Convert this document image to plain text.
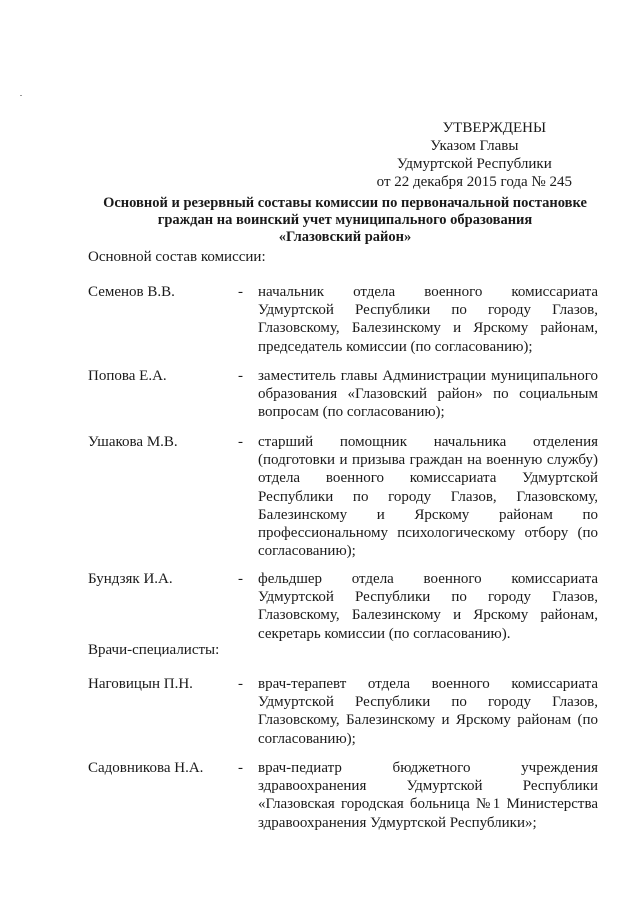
УТВЕРЖДЕНЫ
Указом Главы
Удмуртской Республики
от 22 декабря 2015 года № 245
Основной и резервный составы комиссии по первоначальной постановке
граждан на воинский учет муниципального образования
«Глазовский район»
Основной состав комиссии:
Семенов В.В.	- начальник отдела военного комиссариата Удмуртской Республики по городу Глазов, Глазовскому, Балезинскому и Ярскому районам, председатель комиссии (по согласованию);
Попова Е.А.	- заместитель главы Администрации муниципального образования «Глазовский район» по социальным вопросам (по согласованию);
Ушакова М.В.	- старший помощник начальника отделения (подготовки и призыва граждан на военную службу) отдела военного комиссариата Удмуртской Республики по городу Глазов, Глазовскому, Балезинскому и Ярскому районам по профессиональному психологическому отбору (по согласованию);
Бундзяк И.А.	- фельдшер отдела военного комиссариата Удмуртской Республики по городу Глазов, Глазовскому, Балезинскому и Ярскому районам, секретарь комиссии (по согласованию).
Врачи-специалисты:
Наговицын П.Н.	- врач-терапевт отдела военного комиссариата Удмуртской Республики по городу Глазов, Глазовскому, Балезинскому и Ярскому районам (по согласованию);
Садовникова Н.А. - врач-педиатр бюджетного учреждения здравоохранения Удмуртской Республики «Глазовская городская больница №1 Министерства здравоохранения Удмуртской Республики»;
